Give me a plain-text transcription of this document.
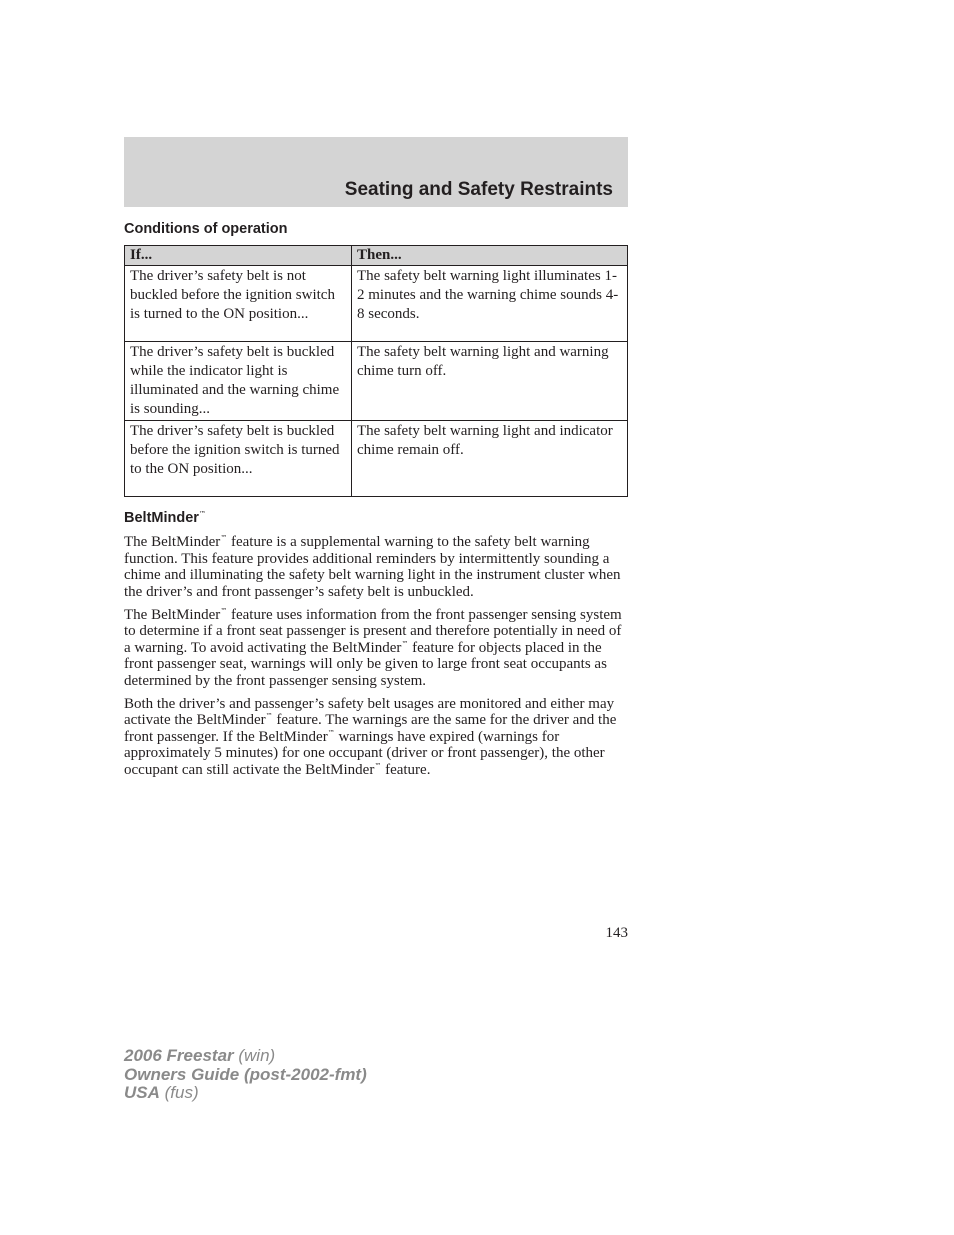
Seating and Safety Restraints
Conditions of operation
If...	Then...
The driver’s safety belt is not buckled before the ignition switch is turned to the ON position...	The safety belt warning light illuminates 1-2 minutes and the warning chime sounds 4-8 seconds.
The driver’s safety belt is buckled while the indicator light is illuminated and the warning chime is sounding...	The safety belt warning light and warning chime turn off.
The driver’s safety belt is buckled before the ignition switch is turned to the ON position...	The safety belt warning light and indicator chime remain off.
BeltMinder™

The BeltMinder™ feature is a supplemental warning to the safety belt warning function. This feature provides additional reminders by intermittently sounding a chime and illuminating the safety belt warning light in the instrument cluster when the driver’s and front passenger’s safety belt is unbuckled.

The BeltMinder™ feature uses information from the front passenger sensing system to determine if a front seat passenger is present and therefore potentially in need of a warning. To avoid activating the BeltMinder™ feature for objects placed in the front passenger seat, warnings will only be given to large front seat occupants as determined by the front passenger sensing system.

Both the driver’s and passenger’s safety belt usages are monitored and either may activate the BeltMinder™ feature. The warnings are the same for the driver and the front passenger. If the BeltMinder™ warnings have expired (warnings for approximately 5 minutes) for one occupant (driver or front passenger), the other occupant can still activate the BeltMinder™ feature.

143
2006 Freestar (win)
Owners Guide (post-2002-fmt)
USA (fus)
